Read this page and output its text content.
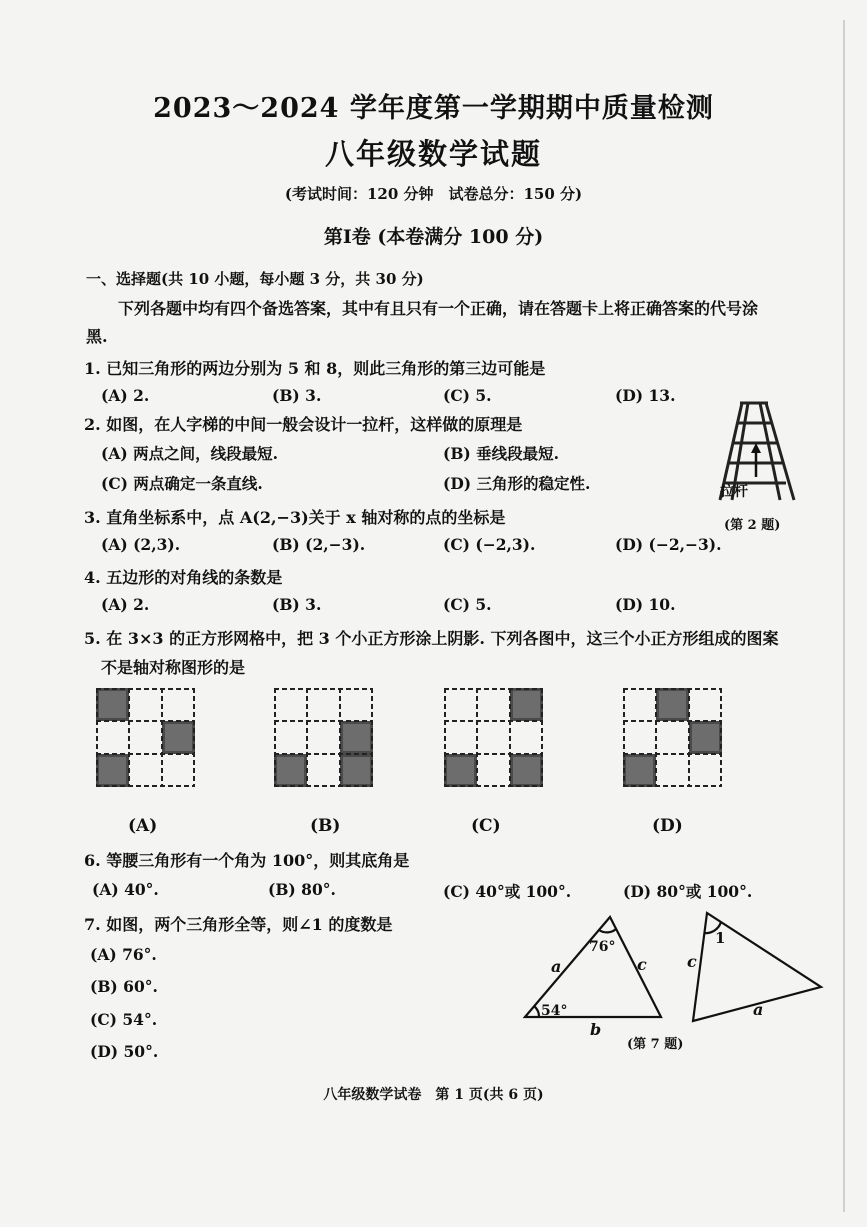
2023～2024 学年度第一学期期中质量检测
八年级数学试题
(考试时间：120 分钟　试卷总分：150 分)
第Ⅰ卷 (本卷满分 100 分)
一、选择题(共 10 小题，每小题 3 分，共 30 分)
下列各题中均有四个备选答案，其中有且只有一个正确，请在答题卡上将正确答案的代号涂
黑.
1. 已知三角形的两边分别为 5 和 8，则此三角形的第三边可能是
(A) 2.	(B) 3.	(C) 5.	(D) 13.
2. 如图，在人字梯的中间一般会设计一拉杆，这样做的原理是
(A) 两点之间，线段最短.	(B) 垂线段最短.
(C) 两点确定一条直线.	(D) 三角形的稳定性.	拉杆
(第 2 题)
3. 直角坐标系中，点 A(2,−3)关于 x 轴对称的点的坐标是
(A) (2,3).	(B) (2,−3).	(C) (−2,3).	(D) (−2,−3).
4. 五边形的对角线的条数是
(A) 2.	(B) 3.	(C) 5.	(D) 10.
5. 在 3×3 的正方形网格中，把 3 个小正方形涂上阴影. 下列各图中，这三个小正方形组成的图案
不是轴对称图形的是
(A)	(B)	(C)	(D)
6. 等腰三角形有一个角为 100°，则其底角是
(A) 40°.	(B) 80°.	(C) 40°或 100°.	(D) 80°或 100°.
7. 如图，两个三角形全等，则∠1 的度数是
(A) 76°.
(B) 60°.
(C) 54°.
(D) 50°.
76°
54°
a	c
b
c
a
1
(第 7 题)
八年级数学试卷　第 1 页(共 6 页)
